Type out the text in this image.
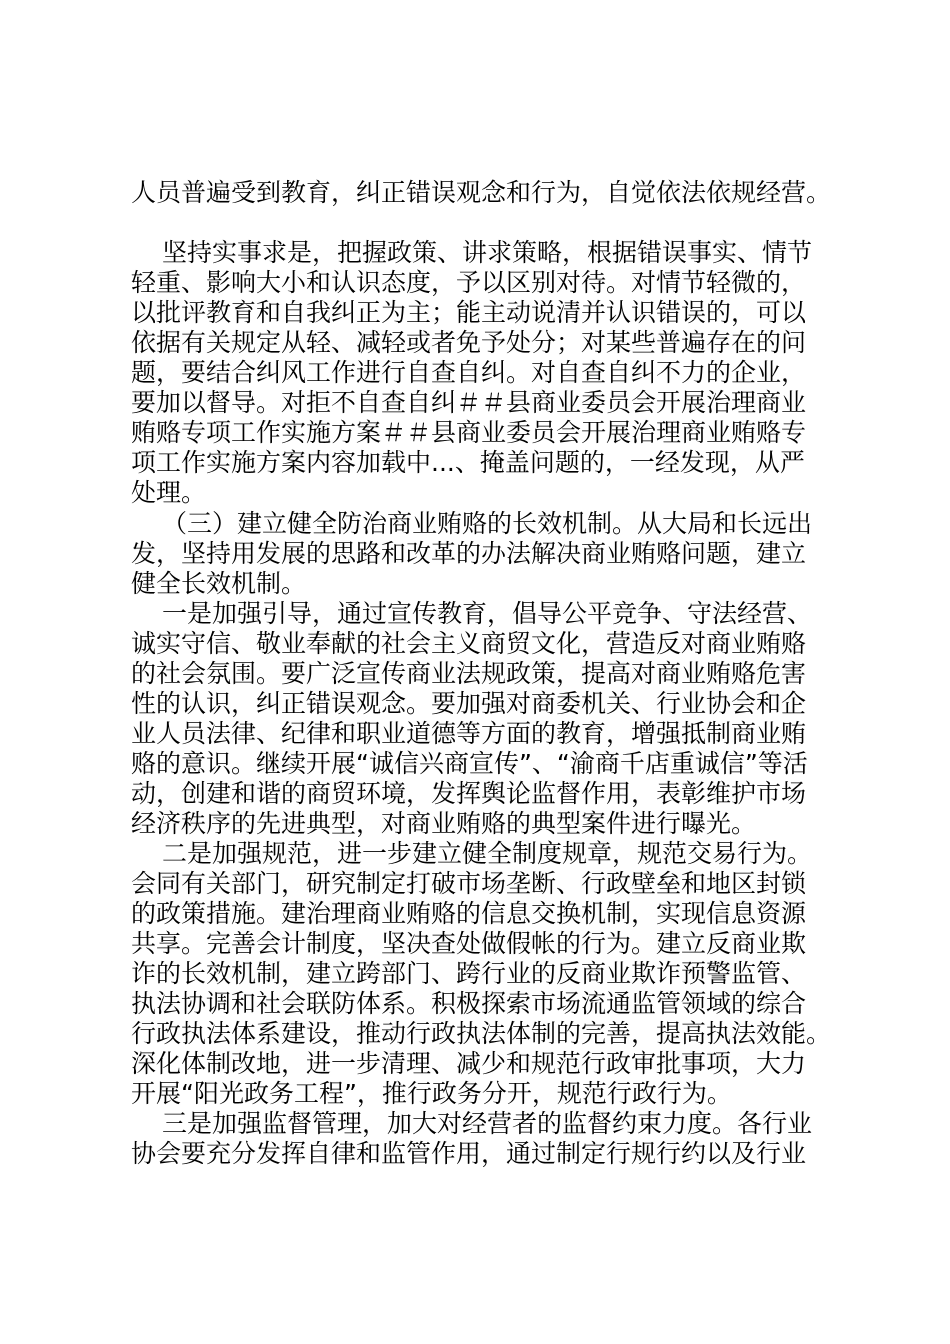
人员普遍受到教育，纠正错误观念和行为，自觉依法依规经营。

坚持实事求是，把握政策、讲求策略，根据错误事实、情节

轻重、影响大小和认识态度，予以区别对待。对情节轻微的，

以批评教育和自我纠正为主；能主动说清并认识错误的，可以

依据有关规定从轻、减轻或者免予处分；对某些普遍存在的问

题，要结合纠风工作进行自查自纠。对自查自纠不力的企业，

要加以督导。对拒不自查自纠＃＃县商业委员会开展治理商业

贿赂专项工作实施方案＃＃县商业委员会开展治理商业贿赂专

项工作实施方案内容加载中...、掩盖问题的，一经发现，从严

处理。

（三）建立健全防治商业贿赂的长效机制。从大局和长远出

发，坚持用发展的思路和改革的办法解决商业贿赂问题，建立

健全长效机制。

一是加强引导，通过宣传教育，倡导公平竞争、守法经营、

诚实守信、敬业奉献的社会主义商贸文化，营造反对商业贿赂

的社会氛围。要广泛宣传商业法规政策，提高对商业贿赂危害

性的认识，纠正错误观念。要加强对商委机关、行业协会和企

业人员法律、纪律和职业道德等方面的教育，增强抵制商业贿

赂的意识。继续开展“诚信兴商宣传”、“渝商千店重诚信”等活

动，创建和谐的商贸环境，发挥舆论监督作用，表彰维护市场

经济秩序的先进典型，对商业贿赂的典型案件进行曝光。

二是加强规范，进一步建立健全制度规章，规范交易行为。

会同有关部门，研究制定打破市场垄断、行政壁垒和地区封锁

的政策措施。建治理商业贿赂的信息交换机制，实现信息资源

共享。完善会计制度，坚决查处做假帐的行为。建立反商业欺

诈的长效机制，建立跨部门、跨行业的反商业欺诈预警监管、

执法协调和社会联防体系。积极探索市场流通监管领域的综合

行政执法体系建设，推动行政执法体制的完善，提高执法效能。

深化体制改地，进一步清理、减少和规范行政审批事项，大力

开展“阳光政务工程”，推行政务分开，规范行政行为。

三是加强监督管理，加大对经营者的监督约束力度。各行业

协会要充分发挥自律和监管作用，通过制定行规行约以及行业
